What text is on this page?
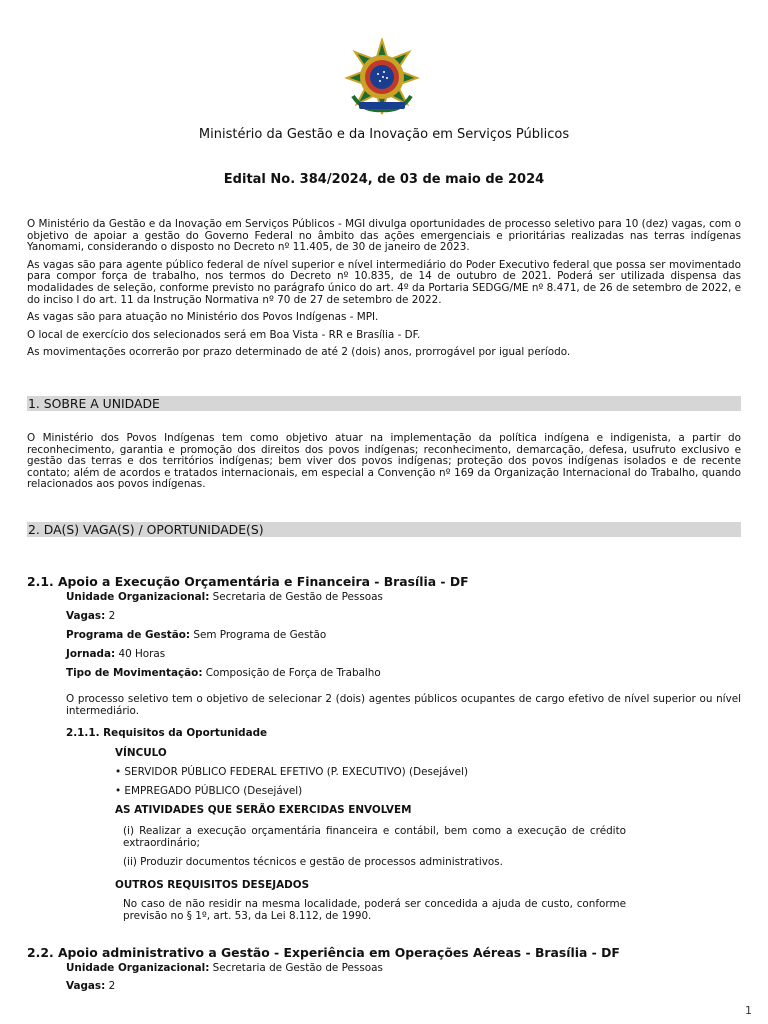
Ministério da Gestão e da Inovação em Serviços Públicos
Edital No. 384/2024, de 03 de maio de 2024

O Ministério da Gestão e da Inovação em Serviços Públicos - MGI divulga oportunidades de processo seletivo para 10 (dez) vagas, com o objetivo de apoiar a gestão do Governo Federal no âmbito das ações emergenciais e prioritárias realizadas nas terras indígenas Yanomami, considerando o disposto no Decreto nº 11.405, de 30 de janeiro de 2023.

As vagas são para agente público federal de nível superior e nível intermediário do Poder Executivo federal que possa ser movimentado para compor força de trabalho, nos termos do Decreto nº 10.835, de 14 de outubro de 2021. Poderá ser utilizada dispensa das modalidades de seleção, conforme previsto no parágrafo único do art. 4º da Portaria SEDGG/ME nº 8.471, de 26 de setembro de 2022, e do inciso I do art. 11 da Instrução Normativa nº 70 de 27 de setembro de 2022.

As vagas são para atuação no Ministério dos Povos Indígenas - MPI.

O local de exercício dos selecionados será em Boa Vista - RR e Brasília - DF.

As movimentações ocorrerão por prazo determinado de até 2 (dois) anos, prorrogável por igual período.

1. SOBRE A UNIDADE

O Ministério dos Povos Indígenas tem como objetivo atuar na implementação da política indígena e indigenista, a partir do reconhecimento, garantia e promoção dos direitos dos povos indígenas; reconhecimento, demarcação, defesa, usufruto exclusivo e gestão das terras e dos territórios indígenas; bem viver dos povos indígenas; proteção dos povos indígenas isolados e de recente contato; além de acordos e tratados internacionais, em especial a Convenção nº 169 da Organização Internacional do Trabalho, quando relacionados aos povos indígenas.

2. DA(S) VAGA(S) / OPORTUNIDADE(S)
2.1. Apoio a Execução Orçamentária e Financeira - Brasília - DF
Unidade Organizacional: Secretaria de Gestão de Pessoas
Vagas: 2
Programa de Gestão: Sem Programa de Gestão
Jornada: 40 Horas
Tipo de Movimentação: Composição de Força de Trabalho

O processo seletivo tem o objetivo de selecionar 2 (dois) agentes públicos ocupantes de cargo efetivo de nível superior ou nível intermediário.

2.1.1. Requisitos da Oportunidade
VÍNCULO
• SERVIDOR PÚBLICO FEDERAL EFETIVO (P. EXECUTIVO) (Desejável)
• EMPREGADO PÚBLICO (Desejável)
AS ATIVIDADES QUE SERÃO EXERCIDAS ENVOLVEM

(i) Realizar a execução orçamentária financeira e contábil, bem como a execução de crédito extraordinário;

(ii) Produzir documentos técnicos e gestão de processos administrativos.

OUTROS REQUISITOS DESEJADOS

No caso de não residir na mesma localidade, poderá ser concedida a ajuda de custo, conforme previsão no § 1º, art. 53, da Lei 8.112, de 1990.

2.2. Apoio administrativo a Gestão - Experiência em Operações Aéreas - Brasília - DF
Unidade Organizacional: Secretaria de Gestão de Pessoas
Vagas: 2
1
